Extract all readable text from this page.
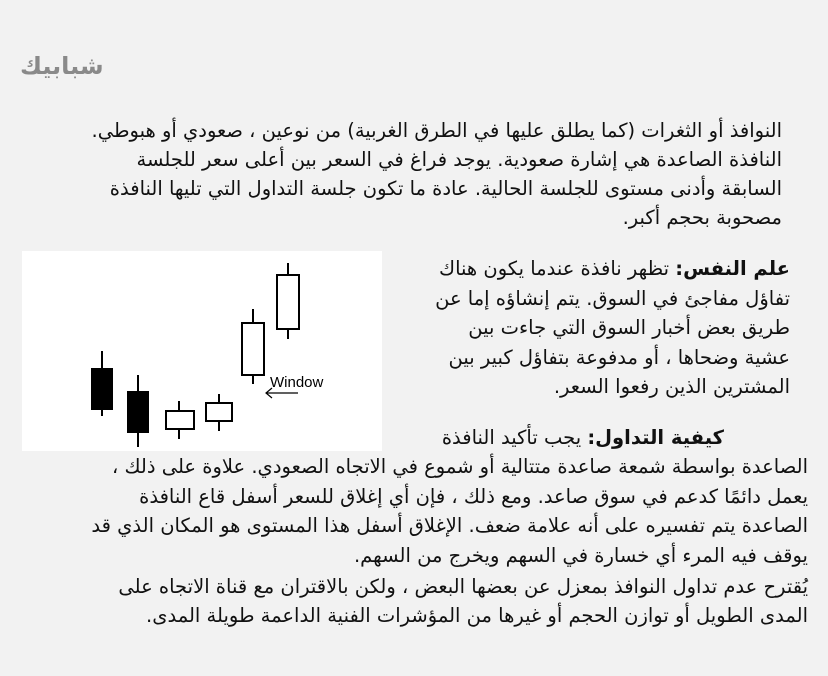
شبابيك
النوافذ أو الثغرات (كما يطلق عليها في الطرق الغربية) من نوعين ، صعودي أو هبوطي.
النافذة الصاعدة هي إشارة صعودية. يوجد فراغ في السعر بين أعلى سعر للجلسة
السابقة وأدنى مستوى للجلسة الحالية. عادة ما تكون جلسة التداول التي تليها النافذة
مصحوبة بحجم أكبر.
Window
علم النفس: تظهر نافذة عندما يكون هناك
تفاؤل مفاجئ في السوق. يتم إنشاؤه إما عن
طريق بعض أخبار السوق التي جاءت بين
عشية وضحاها ، أو مدفوعة بتفاؤل كبير بين
المشترين الذين رفعوا السعر.
كيفية التداول: يجب تأكيد النافذة
الصاعدة بواسطة شمعة صاعدة متتالية أو شموع في الاتجاه الصعودي. علاوة على ذلك ،
يعمل دائمًا كدعم في سوق صاعد. ومع ذلك ، فإن أي إغلاق للسعر أسفل قاع النافذة
الصاعدة يتم تفسيره على أنه علامة ضعف. الإغلاق أسفل هذا المستوى هو المكان الذي قد
يوقف فيه المرء أي خسارة في السهم ويخرج من السهم.
يُقترح عدم تداول النوافذ بمعزل عن بعضها البعض ، ولكن بالاقتران مع قناة الاتجاه على
المدى الطويل أو توازن الحجم أو غيرها من المؤشرات الفنية الداعمة طويلة المدى.
